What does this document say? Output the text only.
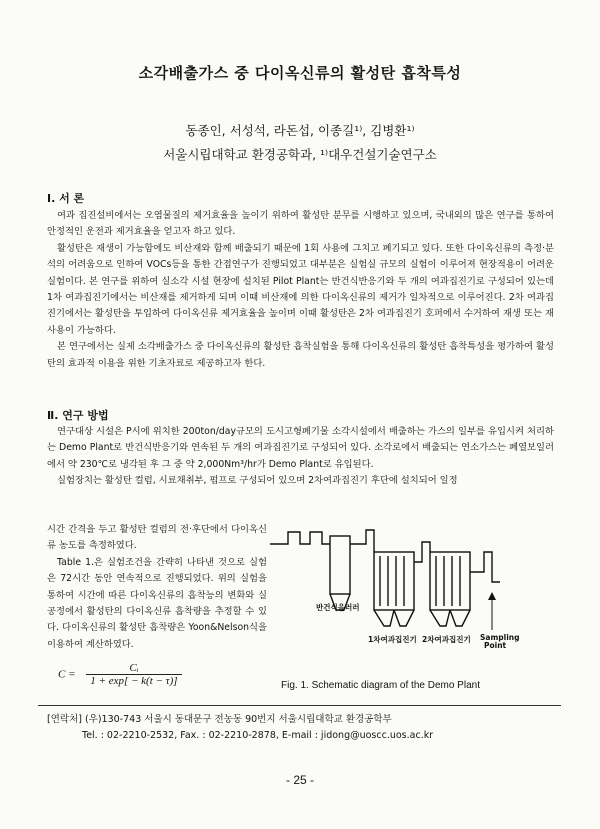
소각배출가스 중 다이옥신류의 활성탄 흡착특성
동종인, 서성석, 라돈섭, 이종길¹⁾, 김병환¹⁾
서울시립대학교 환경공학과, ¹⁾대우건설기술연구소
Ⅰ. 서 론

여과 집진설비에서는 오염물질의 제거효율을 높이기 위하여 활성탄 분무를 시행하고 있으며, 국내외의 많은 연구를 통하여 안정적인 운전과 제거효율을 얻고자 하고 있다.

활성탄은 재생이 가능함에도 비산재와 함께 배출되기 때문에 1회 사용에 그치고 폐기되고 있다. 또한 다이옥신류의 측정·분석의 어려움으로 인하여 VOCs등을 통한 간접연구가 진행되었고 대부분은 실험실 규모의 실험이 이루어져 현장적용이 어려운 실험이다. 본 연구를 위하여 실소각 시설 현장에 설치된 Pilot Plant는 반건식반응기와 두 개의 여과집진기로 구성되어 있는데 1차 여과집진기에서는 비산재를 제거하게 되며 이때 비산재에 의한 다이옥신류의 제거가 일차적으로 이루어진다. 2차 여과집진기에서는 활성탄을 투입하여 다이옥신류 제거효율을 높이며 이때 활성탄은 2차 여과집진기 호퍼에서 수거하여 재생 또는 재사용이 가능하다.

본 연구에서는 실제 소각배출가스 중 다이옥신류의 활성탄 흡착실험을 통해 다이옥신류의 활성탄 흡착특성을 평가하여 활성탄의 효과적 이용을 위한 기초자료로 제공하고자 한다.

Ⅱ. 연구 방법

연구대상 시설은 P시에 위치한 200ton/day규모의 도시고형폐기물 소각시설에서 배출하는 가스의 일부를 유입시켜 처리하는 Demo Plant로 반건식반응기와 연속된 두 개의 여과집진기로 구성되어 있다. 소각로에서 배출되는 연소가스는 폐열보일러에서 약 230℃로 냉각된 후 그 중 약 2,000Nm³/hr가 Demo Plant로 유입된다.

실험장치는 활성탄 컬럼, 시료채취부, 펌프로 구성되어 있으며 2차여과집진기 후단에 설치되어 일정

시간 간격을 두고 활성탄 컬럼의 전·후단에서 다이옥신류 농도를 측정하였다.

Table 1.은 실험조건을 간략히 나타낸 것으로 실험은 72시간 동안 연속적으로 진행되었다. 위의 실험을 통하여 시간에 따른 다이옥신류의 흡착능의 변화와 실 공정에서 활성탄의 다이옥신류 흡착량을 추정할 수 있다. 다이옥신류의 활성탄 흡착량은 Yoon&Nelson식을 이용하여 계산하였다.

$C = \frac{\text{Cᵢ}}{1 + \exp[ - k(t - \tau)]}$
반건식을러러
1차여과집진기 2차여과집진기 Sampling Point
Fig. 1. Schematic diagram of the Demo Plant
[연락처] (우)130-743 서울시 동대문구 전농동 90번지 서울시립대학교 환경공학부
Tel. : 02-2210-2532, Fax. : 02-2210-2878, E-mail : jidong@uoscc.uos.ac.kr
- 25 -
